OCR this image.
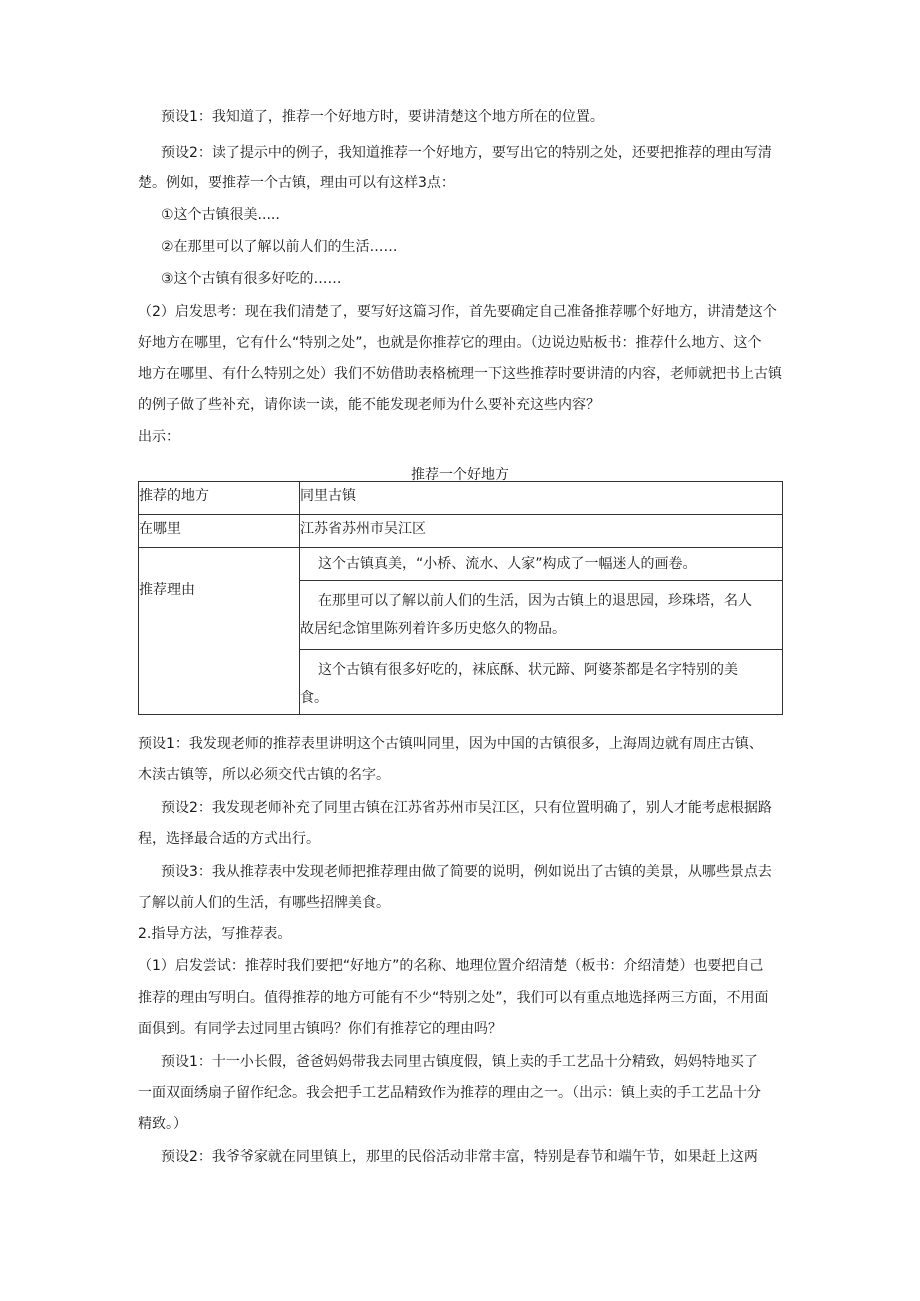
预设1：我知道了，推荐一个好地方时，要讲清楚这个地方所在的位置。
预设2：读了提示中的例子，我知道推荐一个好地方，要写出它的特别之处，还要把推荐的理由写清
楚。例如，要推荐一个古镇，理由可以有这样3点：
①这个古镇很美.....
②在那里可以了解以前人们的生活……
③这个古镇有很多好吃的……
（2）启发思考：现在我们清楚了，要写好这篇习作，首先要确定自己准备推荐哪个好地方，讲清楚这个
好地方在哪里，它有什么“特别之处”，也就是你推荐它的理由。（边说边贴板书：推荐什么地方、这个
地方在哪里、有什么特别之处）我们不妨借助表格梳理一下这些推荐时要讲清的内容，老师就把书上古镇
的例子做了些补充，请你读一读，能不能发现老师为什么要补充这些内容？
出示：
推荐一个好地方
推荐的地方	同里古镇
在哪里	江苏省苏州市吴江区
推荐理由	这个古镇真美，“小桥、流水、人家”构成了一幅迷人的画卷。
在那里可以了解以前人们的生活，因为古镇上的退思园，珍珠塔，名人
故居纪念馆里陈列着许多历史悠久的物品。
这个古镇有很多好吃的，袜底酥、状元蹄、阿婆茶都是名字特别的美
食。
预设1：我发现老师的推荐表里讲明这个古镇叫同里，因为中国的古镇很多，上海周边就有周庄古镇、
木渎古镇等，所以必须交代古镇的名字。
预设2：我发现老师补充了同里古镇在江苏省苏州市吴江区，只有位置明确了，别人才能考虑根据路
程，选择最合适的方式出行。
预设3：我从推荐表中发现老师把推荐理由做了简要的说明，例如说出了古镇的美景，从哪些景点去
了解以前人们的生活，有哪些招牌美食。
2.指导方法，写推荐表。
（1）启发尝试：推荐时我们要把“好地方”的名称、地理位置介绍清楚（板书：介绍清楚）也要把自己
推荐的理由写明白。值得推荐的地方可能有不少“特别之处”，我们可以有重点地选择两三方面，不用面
面俱到。有同学去过同里古镇吗？你们有推荐它的理由吗？
预设1：十一小长假，爸爸妈妈带我去同里古镇度假，镇上卖的手工艺品十分精致，妈妈特地买了
一面双面绣扇子留作纪念。我会把手工艺品精致作为推荐的理由之一。（出示：镇上卖的手工艺品十分
精致。）
预设2：我爷爷家就在同里镇上，那里的民俗活动非常丰富，特别是春节和端午节，如果赶上这两
